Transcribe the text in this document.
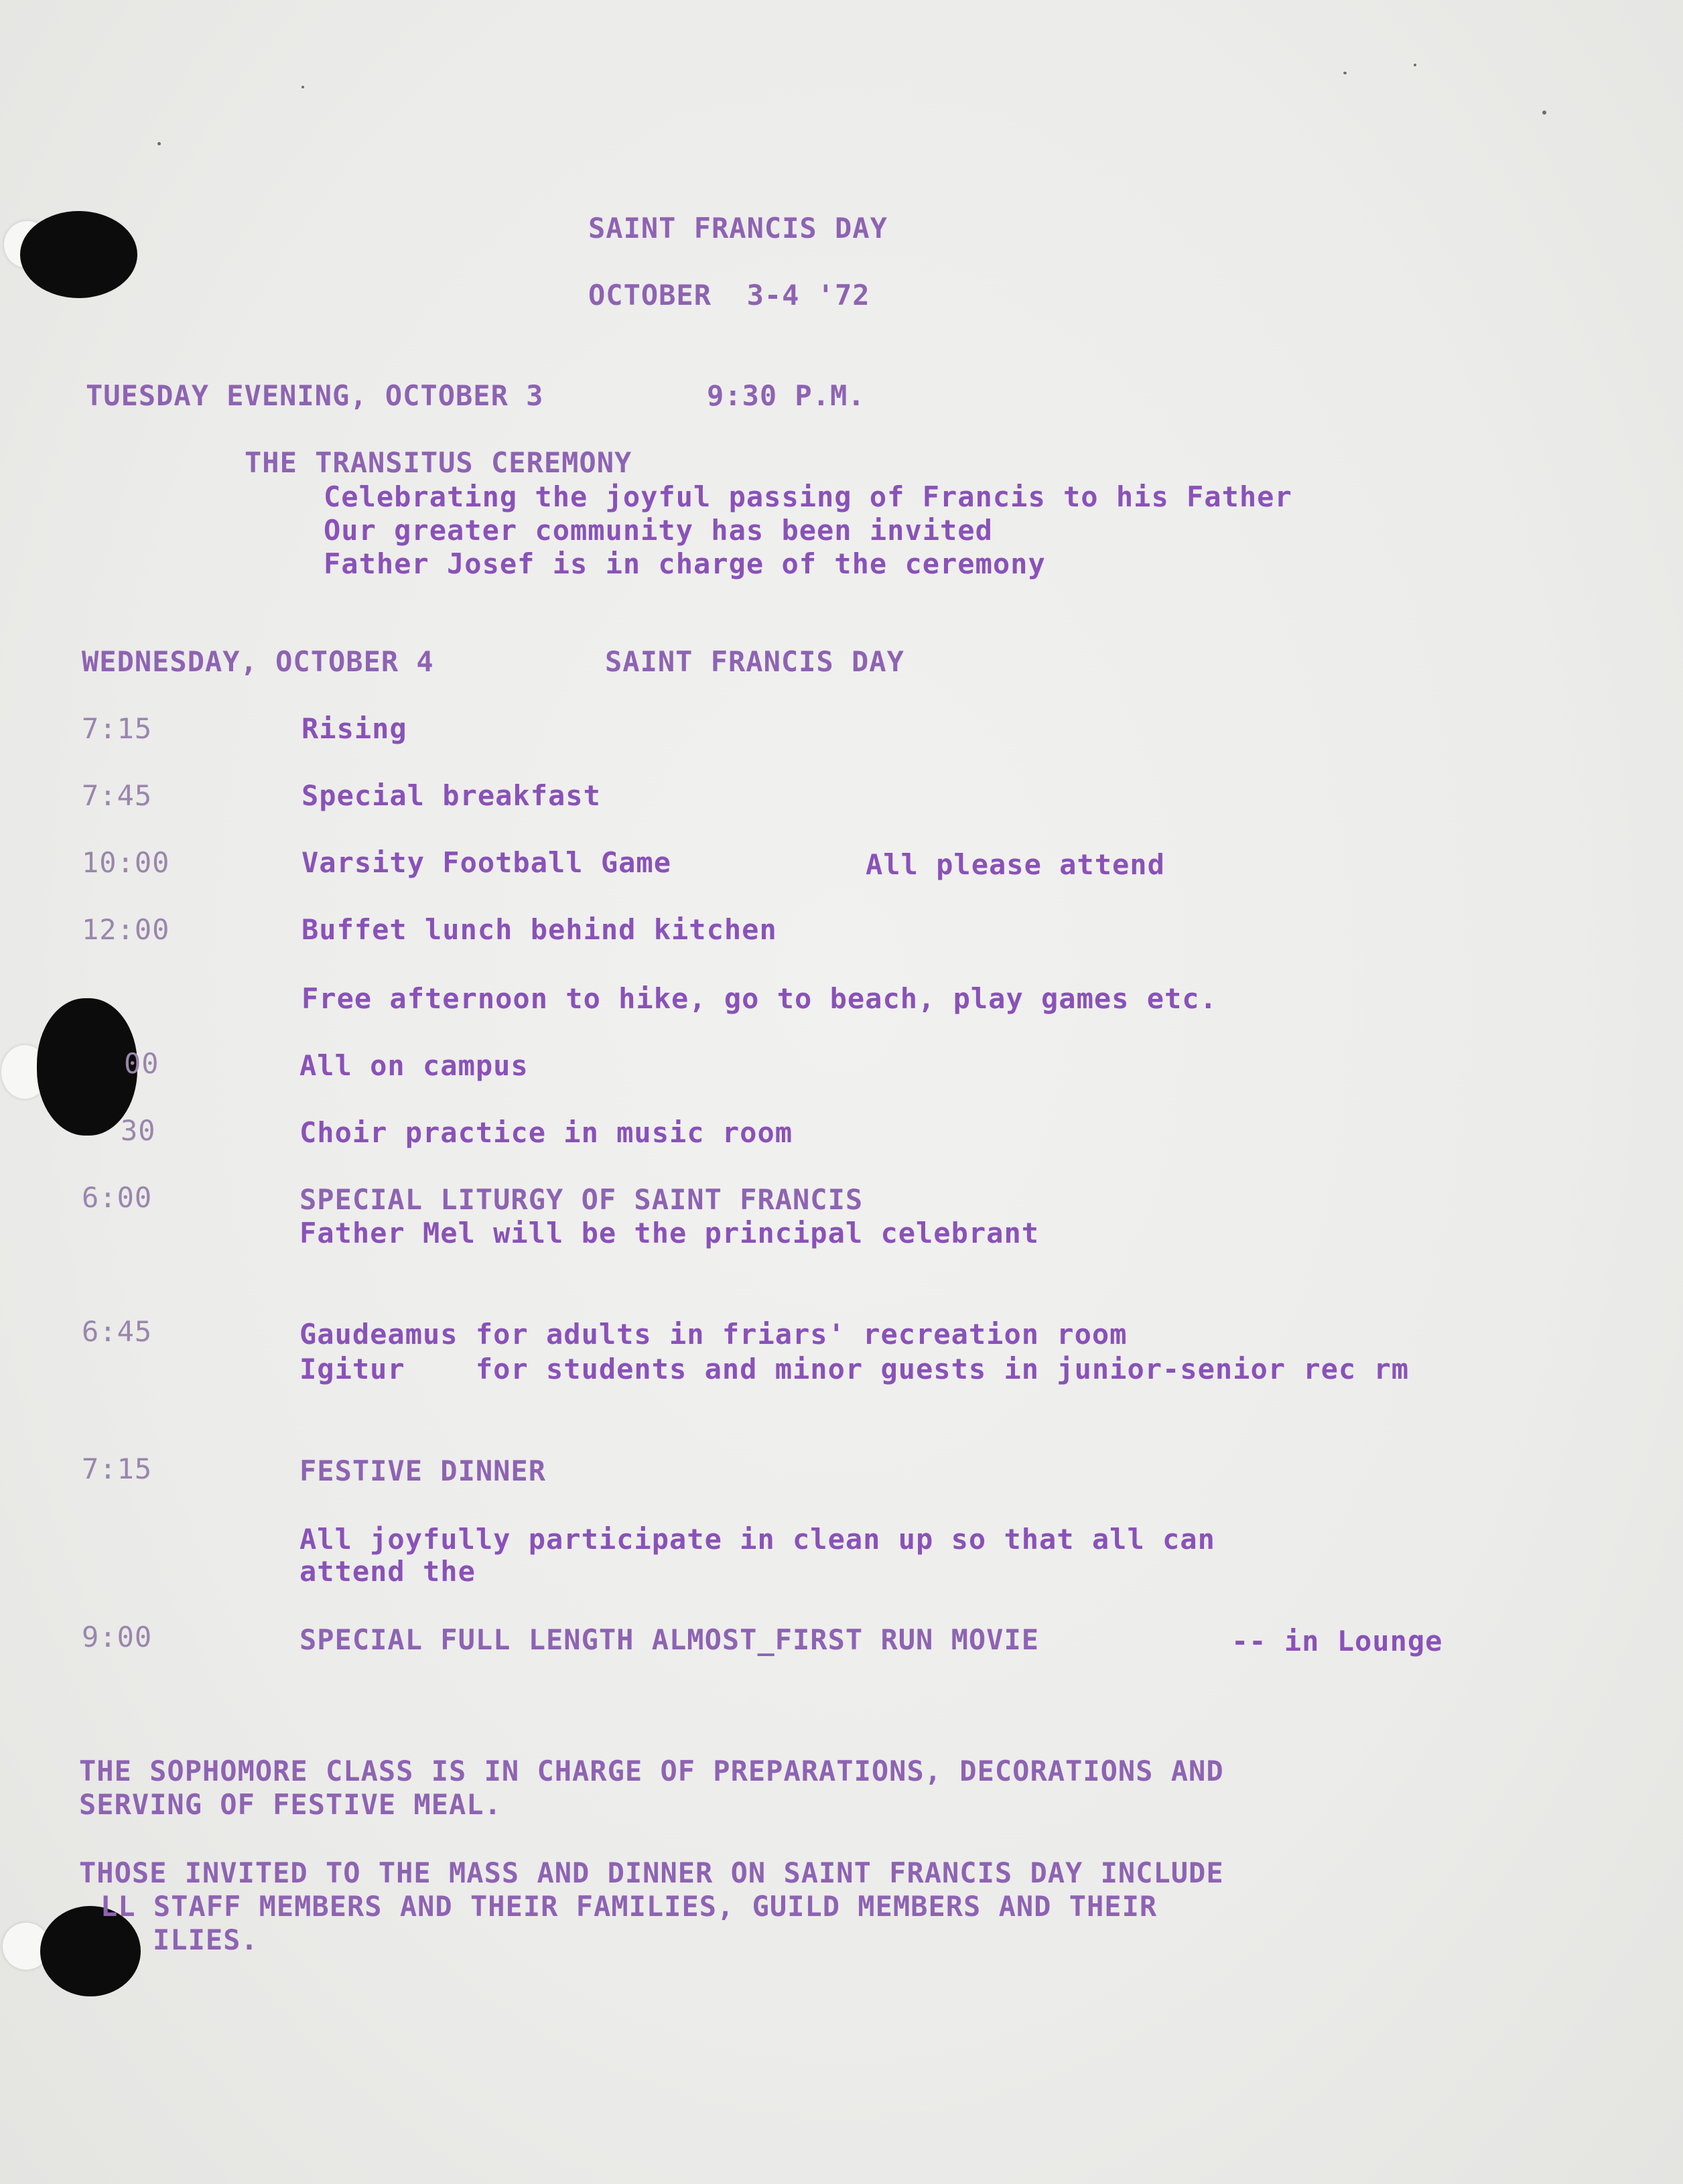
SAINT FRANCIS DAY

OCTOBER  3-4 '72

TUESDAY EVENING, OCTOBER 3	9:30 P.M.

THE TRANSITUS CEREMONY

Celebrating the joyful passing of Francis to his Father

Our greater community has been invited

Father Josef is in charge of the ceremony

WEDNESDAY, OCTOBER 4	SAINT FRANCIS DAY

7:15	Rising

7:45	Special breakfast

10:00	Varsity Football Game	All please attend

12:00	Buffet lunch behind kitchen

Free afternoon to hike, go to beach, play games etc.

00	All on campus

30	Choir practice in music room

6:00	SPECIAL LITURGY OF SAINT FRANCIS

Father Mel will be the principal celebrant

6:45	Gaudeamus for adults in friars' recreation room

Igitur    for students and minor guests in junior-senior rec rm

7:15	FESTIVE DINNER

All joyfully participate in clean up so that all can

attend the

9:00	SPECIAL FULL LENGTH ALMOST_FIRST RUN MOVIE	-- in Lounge

THE SOPHOMORE CLASS IS IN CHARGE OF PREPARATIONS, DECORATIONS AND

SERVING OF FESTIVE MEAL.

THOSE INVITED TO THE MASS AND DINNER ON SAINT FRANCIS DAY INCLUDE

LL STAFF MEMBERS AND THEIR FAMILIES, GUILD MEMBERS AND THEIR

ILIES.
